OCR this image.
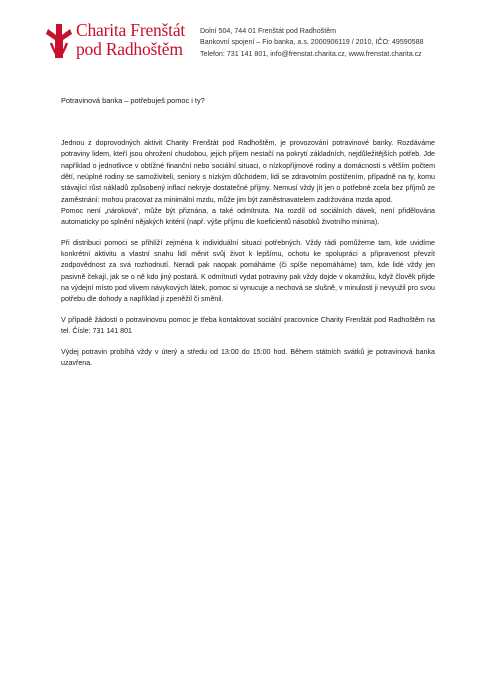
Charita Frenštát
pod Radhoštěm
Dolní 504, 744 01 Frenštát pod Radhoštěm
Bankovní spojení – Fio banka, a.s. 2000906119 / 2010, IČO: 49590588
Telefon: 731 141 801, info@frenstat.charita.cz, www.frenstat.charita.cz
Potravinová banka – potřebuješ pomoc i ty?

Jednou z doprovodných aktivit Charity Frenštát pod Radhoštěm, je provozování potravinové banky. Rozdáváme potraviny lidem, kteří jsou ohrožení chudobou, jejich příjem nestačí na pokrytí základních, nejdůležitějších potřeb. Jde například o jednotlivce v obtížné finanční nebo sociální situaci, o nízkopříjmové rodiny a domácnosti s větším počtem dětí, neúplné rodiny se samoživiteli, seniory s nízkým důchodem, lidi se zdravotním postižením, případně na ty, komu stávající růst nákladů způsobený inflací nekryje dostatečné příjmy. Nemusí vždy jít jen o potřebné zcela bez příjmů ze zaměstnání: mohou pracovat za minimální mzdu, může jim být zaměstnavatelem zadržována mzda apod.

Pomoc není „nároková“, může být přiznána, a také odmítnuta. Na rozdíl od sociálních dávek, není přidělována automaticky po splnění nějakých kritérií (např. výše příjmu dle koeficientů násobků životního minima).

Při distribuci pomoci se přihlíží zejména k individuální situaci potřebných. Vždy rádi pomůžeme tam, kde uvidíme konkrétní aktivitu a vlastní snahu lidí měnit svůj život k lepšímu, ochotu ke spolupráci a připravenost převzít zodpovědnost za svá rozhodnutí. Neradi pak naopak pomáháme (či spíše nepomáháme) tam, kde lidé vždy jen pasivně čekají, jak se o ně kdo jiný postará. K odmítnutí vydat potraviny pak vždy dojde v okamžiku, když člověk přijde na výdejní místo pod vlivem návykových látek, pomoc si vynucuje a nechová se slušně, v minulosti ji nevyužil pro svou potřebu dle dohody a například ji zpeněžil či směnil.

V případě žádosti o potravinovou pomoc je třeba kontaktovat sociální pracovnice Charity Frenštát pod Radhoštěm na tel. Čísle: 731 141 801

Výdej potravin probíhá vždy v úterý a středu od 13:00 do 15:00 hod. Během státních svátků je potravinová banka uzavřena.
